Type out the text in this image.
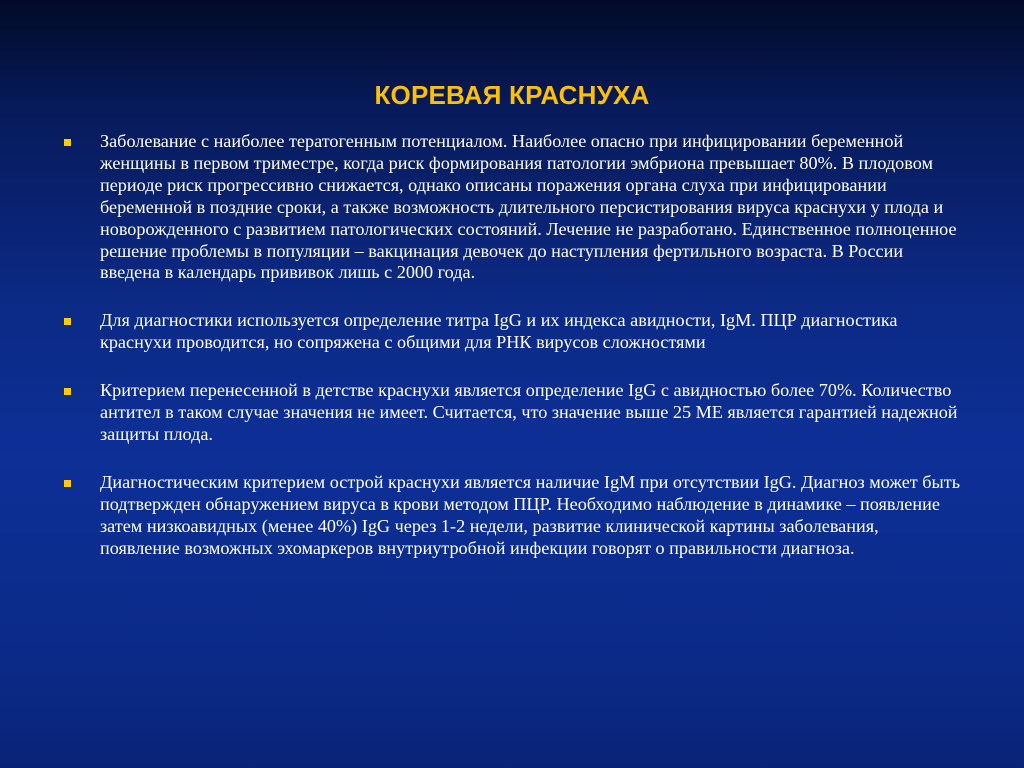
КОРЕВАЯ КРАСНУХА
Заболевание с наиболее тератогенным потенциалом. Наиболее опасно при инфицировании беременной женщины в первом триместре, когда риск формирования патологии эмбриона превышает 80%. В плодовом периоде риск прогрессивно снижается, однако описаны поражения органа слуха при инфицировании беременной в поздние сроки, а также возможность длительного персистирования вируса краснухи у плода и новорожденного с развитием патологических состояний. Лечение не разработано. Единственное полноценное решение проблемы в популяции – вакцинация девочек до наступления фертильного возраста. В России введена в календарь прививок лишь с 2000 года.
Для диагностики используется определение титра IgG и их индекса авидности, IgM. ПЦР диагностика краснухи проводится, но сопряжена с общими для РНК вирусов сложностями
Критерием перенесенной в детстве краснухи является определение IgG с авидностью более 70%. Количество антител в таком случае значения не имеет. Считается, что значение выше 25 МЕ является гарантией надежной защиты плода.
Диагностическим критерием острой краснухи является наличие IgM при отсутствии IgG. Диагноз может быть подтвержден обнаружением вируса в крови методом ПЦР. Необходимо наблюдение в динамике – появление затем низкоавидных (менее 40%) IgG через 1-2 недели, развитие клинической картины заболевания, появление возможных эхомаркеров внутриутробной инфекции говорят о правильности диагноза.
